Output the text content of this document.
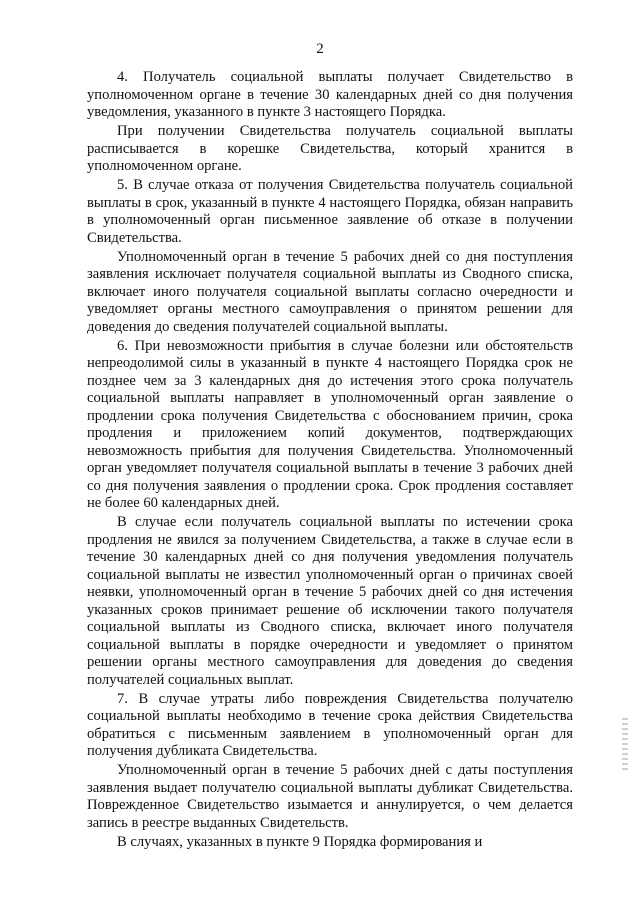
2

4. Получатель социальной выплаты получает Свидетельство в уполномоченном органе в течение 30 календарных дней со дня получения уведомления, указанного в пункте 3 настоящего Порядка.

При получении Свидетельства получатель социальной выплаты расписывается в корешке Свидетельства, который хранится в уполномоченном органе.

5. В случае отказа от получения Свидетельства получатель социальной выплаты в срок, указанный в пункте 4 настоящего Порядка, обязан направить в уполномоченный орган письменное заявление об отказе в получении Свидетельства.

Уполномоченный орган в течение 5 рабочих дней со дня поступления заявления исключает получателя социальной выплаты из Сводного списка, включает иного получателя социальной выплаты согласно очередности и уведомляет органы местного самоуправления о принятом решении для доведения до сведения получателей социальной выплаты.

6. При невозможности прибытия в случае болезни или обстоятельств непреодолимой силы в указанный в пункте 4 настоящего Порядка срок не позднее чем за 3 календарных дня до истечения этого срока получатель социальной выплаты направляет в уполномоченный орган заявление о продлении срока получения Свидетельства с обоснованием причин, срока продления и приложением копий документов, подтверждающих невозможность прибытия для получения Свидетельства. Уполномоченный орган уведомляет получателя социальной выплаты в течение 3 рабочих дней со дня получения заявления о продлении срока. Срок продления составляет не более 60 календарных дней.

В случае если получатель социальной выплаты по истечении срока продления не явился за получением Свидетельства, а также в случае если в течение 30 календарных дней со дня получения уведомления получатель социальной выплаты не известил уполномоченный орган о причинах своей неявки, уполномоченный орган в течение 5 рабочих дней со дня истечения указанных сроков принимает решение об исключении такого получателя социальной выплаты из Сводного списка, включает иного получателя социальной выплаты в порядке очередности и уведомляет о принятом решении органы местного самоуправления для доведения до сведения получателей социальных выплат.

7. В случае утраты либо повреждения Свидетельства получателю социальной выплаты необходимо в течение срока действия Свидетельства обратиться с письменным заявлением в уполномоченный орган для получения дубликата Свидетельства.

Уполномоченный орган в течение 5 рабочих дней с даты поступления заявления выдает получателю социальной выплаты дубликат Свидетельства. Поврежденное Свидетельство изымается и аннулируется, о чем делается запись в реестре выданных Свидетельств.

В случаях, указанных в пункте 9 Порядка формирования и
